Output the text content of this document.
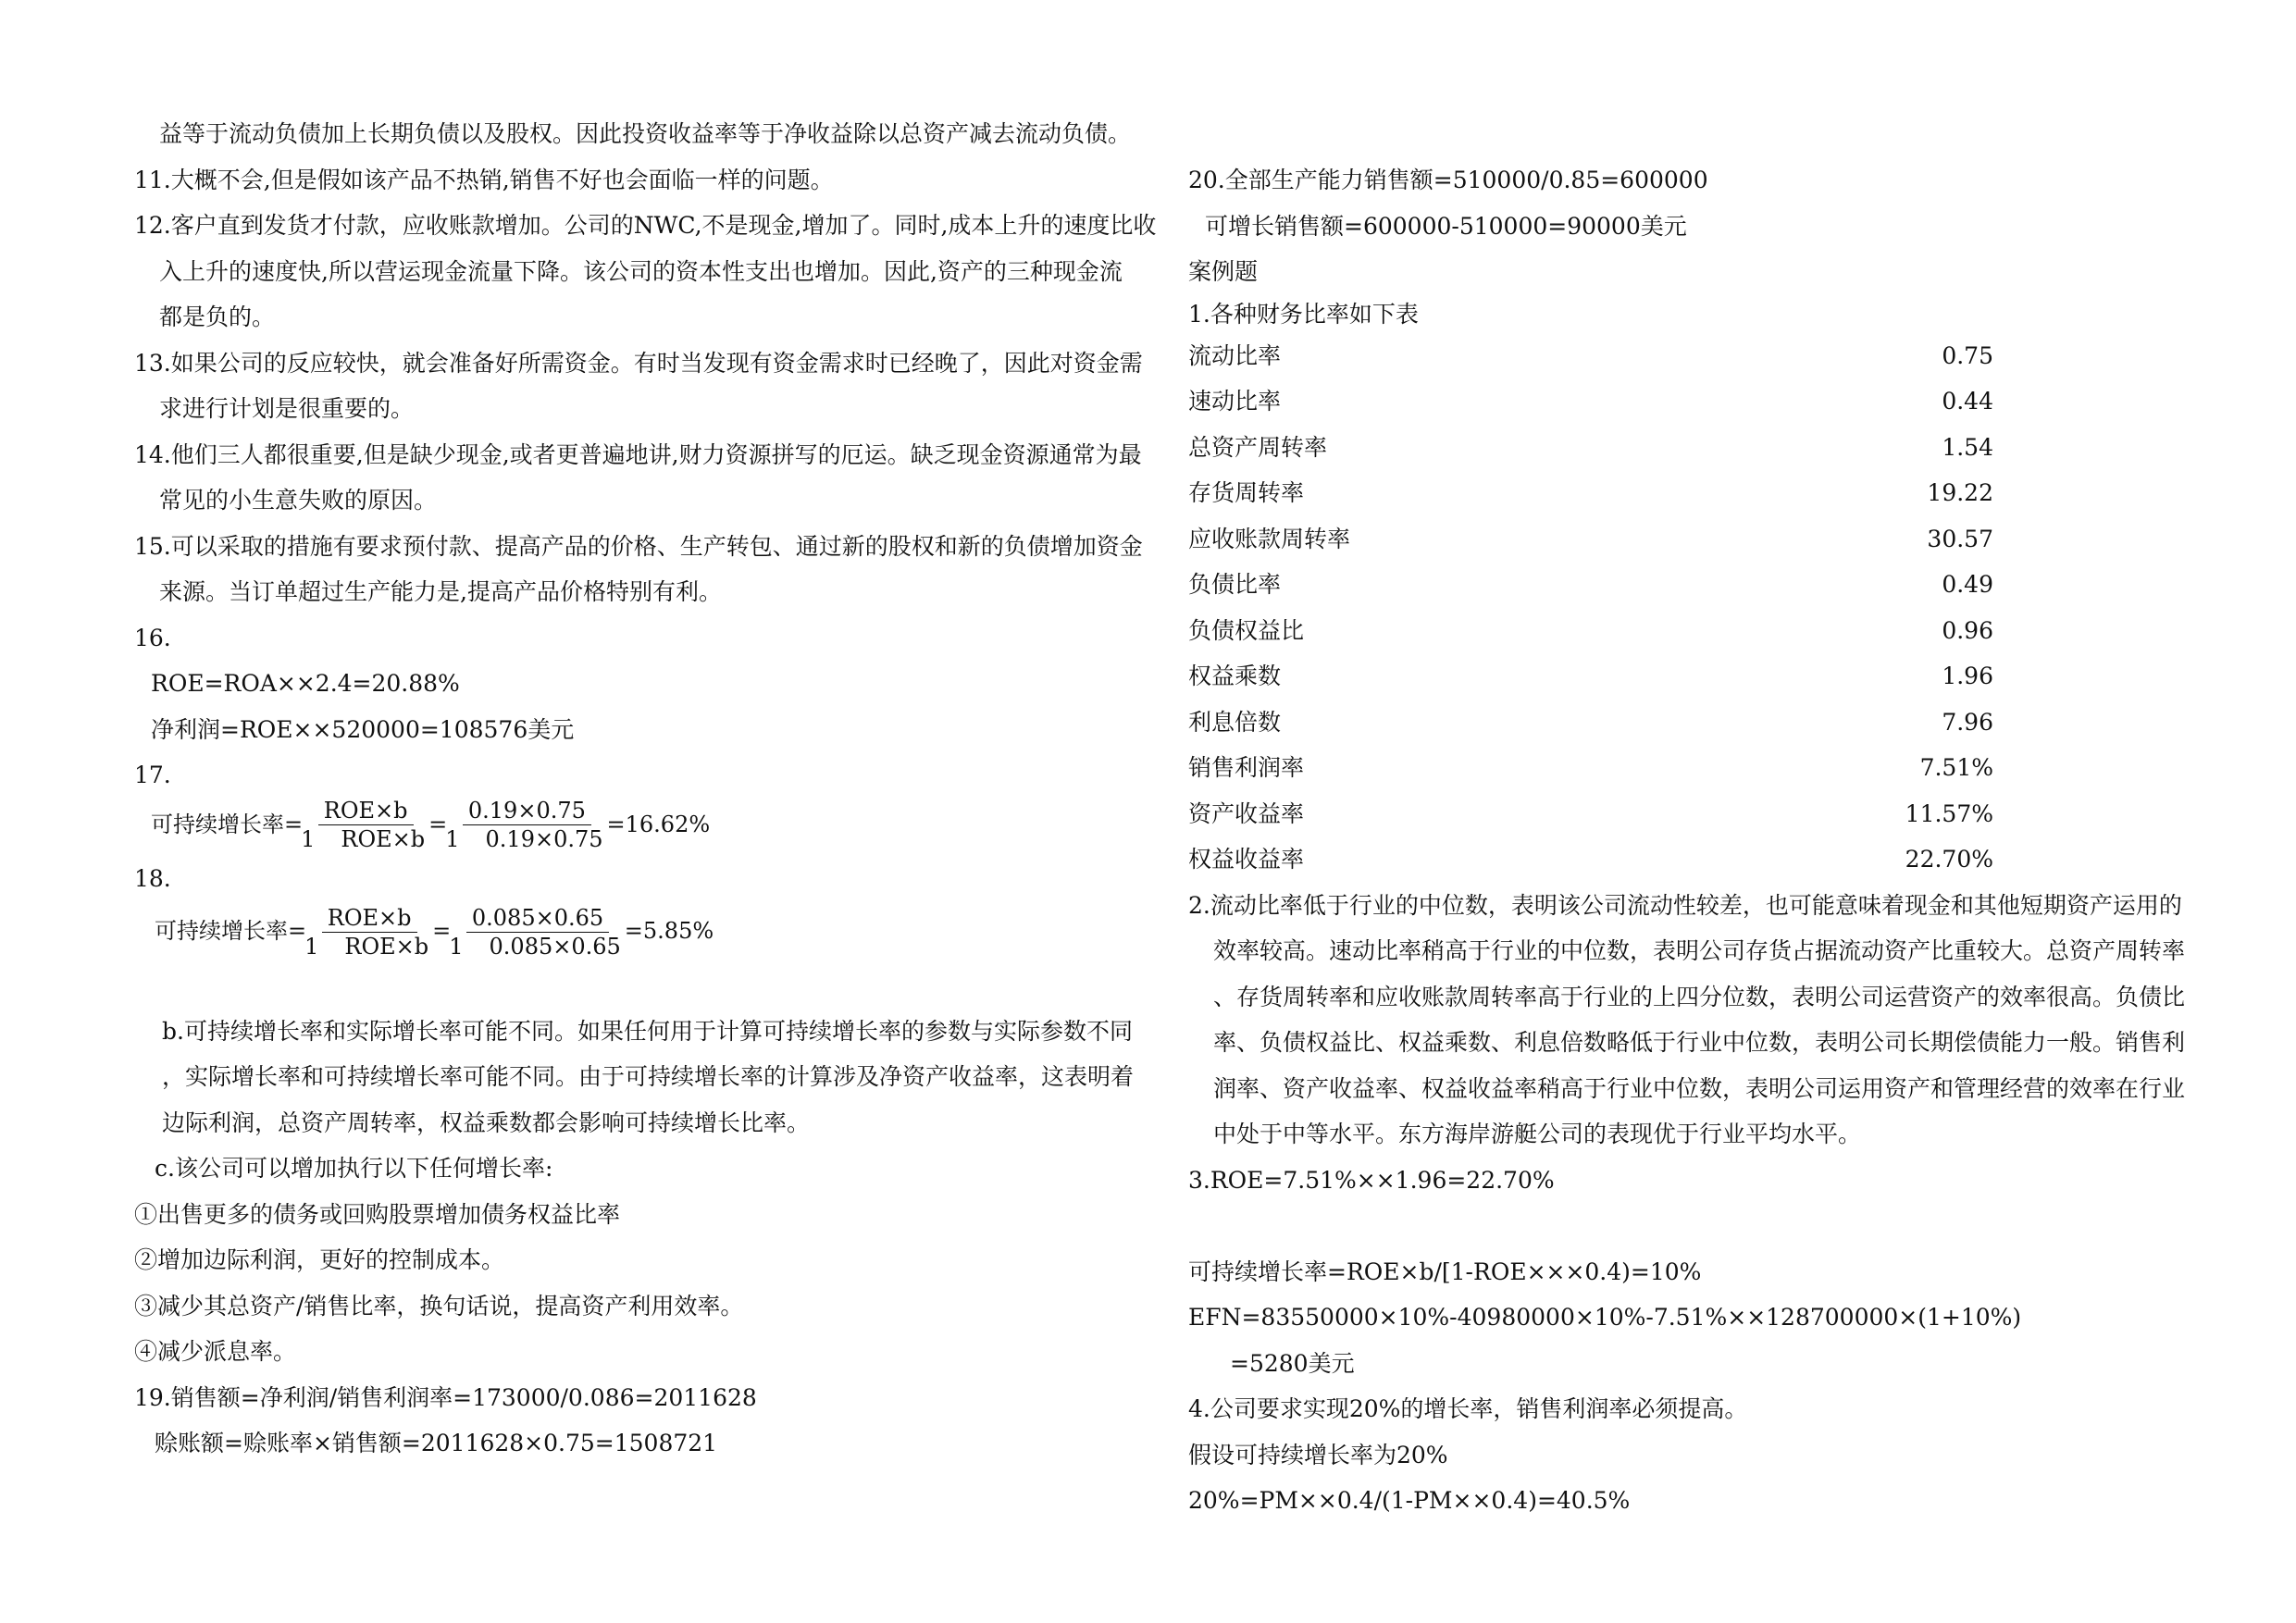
益等于流动负债加上长期负债以及股权。因此投资收益率等于净收益除以总资产减去流动负债。
11.大概不会,但是假如该产品不热销,销售不好也会面临一样的问题。
12.客户直到发货才付款，应收账款增加。公司的NWC,不是现金,增加了。同时,成本上升的速度比收
入上升的速度快,所以营运现金流量下降。该公司的资本性支出也增加。因此,资产的三种现金流
都是负的。
13.如果公司的反应较快，就会准备好所需资金。有时当发现有资金需求时已经晚了，因此对资金需
求进行计划是很重要的。
14.他们三人都很重要,但是缺少现金,或者更普遍地讲,财力资源拼写的厄运。缺乏现金资源通常为最
常见的小生意失败的原因。
15.可以采取的措施有要求预付款、提高产品的价格、生产转包、通过新的股权和新的负债增加资金
来源。当订单超过生产能力是,提高产品价格特别有利。
16.
ROE=ROA××2.4=20.88%
净利润=ROE××520000=108576美元
17.
可持续增长率= $\frac{\text{ROE×b}}{\text{1 ROE×b}} = \frac{0.19\times 0.75}{1 0.19\times 0.75} =16.62\%$
18.
可持续增长率= $\frac{\text{ROE×b}}{\text{1 ROE×b}} = \frac{0.085\times 0.65}{1 0.085\times 0.65} =5.85\%$
b.可持续增长率和实际增长率可能不同。如果任何用于计算可持续增长率的参数与实际参数不同
，实际增长率和可持续增长率可能不同。由于可持续增长率的计算涉及净资产收益率，这表明着
边际利润，总资产周转率，权益乘数都会影响可持续增长比率。
c.该公司可以增加执行以下任何增长率:
①出售更多的债务或回购股票增加债务权益比率
②增加边际利润，更好的控制成本。
③减少其总资产/销售比率，换句话说，提高资产利用效率。
④减少派息率。
19.销售额=净利润/销售利润率=173000/0.086=2011628
赊账额=赊账率×销售额=2011628×0.75=1508721
20.全部生产能力销售额=510000/0.85=600000
可增长销售额=600000-510000=90000美元
案例题
1.各种财务比率如下表
流动比率	0.75
速动比率	0.44
总资产周转率	1.54
存货周转率	19.22
应收账款周转率	30.57
负债比率	0.49
负债权益比	0.96
权益乘数	1.96
利息倍数	7.96
销售利润率	7.51%
资产收益率	11.57%
权益收益率	22.70%
2.流动比率低于行业的中位数，表明该公司流动性较差，也可能意味着现金和其他短期资产运用的
效率较高。速动比率稍高于行业的中位数，表明公司存货占据流动资产比重较大。总资产周转率
、存货周转率和应收账款周转率高于行业的上四分位数，表明公司运营资产的效率很高。负债比
率、负债权益比、权益乘数、利息倍数略低于行业中位数，表明公司长期偿债能力一般。销售利
润率、资产收益率、权益收益率稍高于行业中位数，表明公司运用资产和管理经营的效率在行业
中处于中等水平。东方海岸游艇公司的表现优于行业平均水平。
3.ROE=7.51%××1.96=22.70%
可持续增长率=ROE×b/[1-ROE×××0.4)=10%
EFN=83550000×10%-40980000×10%-7.51%××128700000×(1+10%)
=5280美元
4.公司要求实现20%的增长率，销售利润率必须提高。
假设可持续增长率为20%
20%=PM××0.4/(1-PM××0.4)=40.5%
